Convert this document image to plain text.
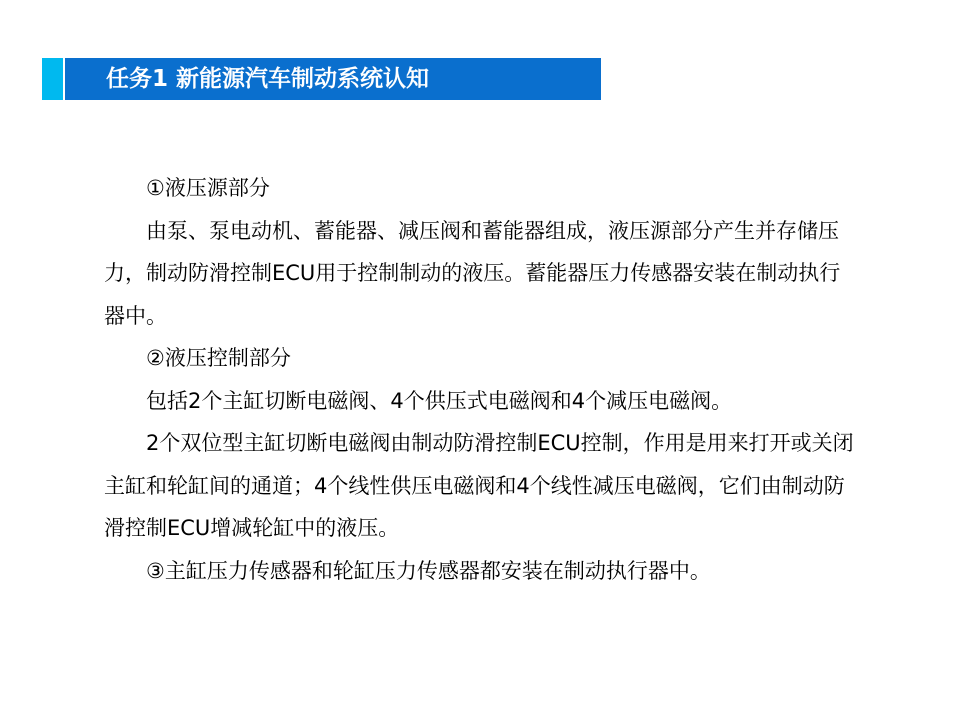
任务1 新能源汽车制动系统认知

①液压源部分

由泵、泵电动机、蓄能器、减压阀和蓄能器组成，液压源部分产生并存储压力，制动防滑控制ECU用于控制制动的液压。蓄能器压力传感器安装在制动执行器中。

②液压控制部分

包括2个主缸切断电磁阀、4个供压式电磁阀和4个减压电磁阀。

2个双位型主缸切断电磁阀由制动防滑控制ECU控制，作用是用来打开或关闭主缸和轮缸间的通道；4个线性供压电磁阀和4个线性减压电磁阀，它们由制动防滑控制ECU增减轮缸中的液压。

③主缸压力传感器和轮缸压力传感器都安装在制动执行器中。
